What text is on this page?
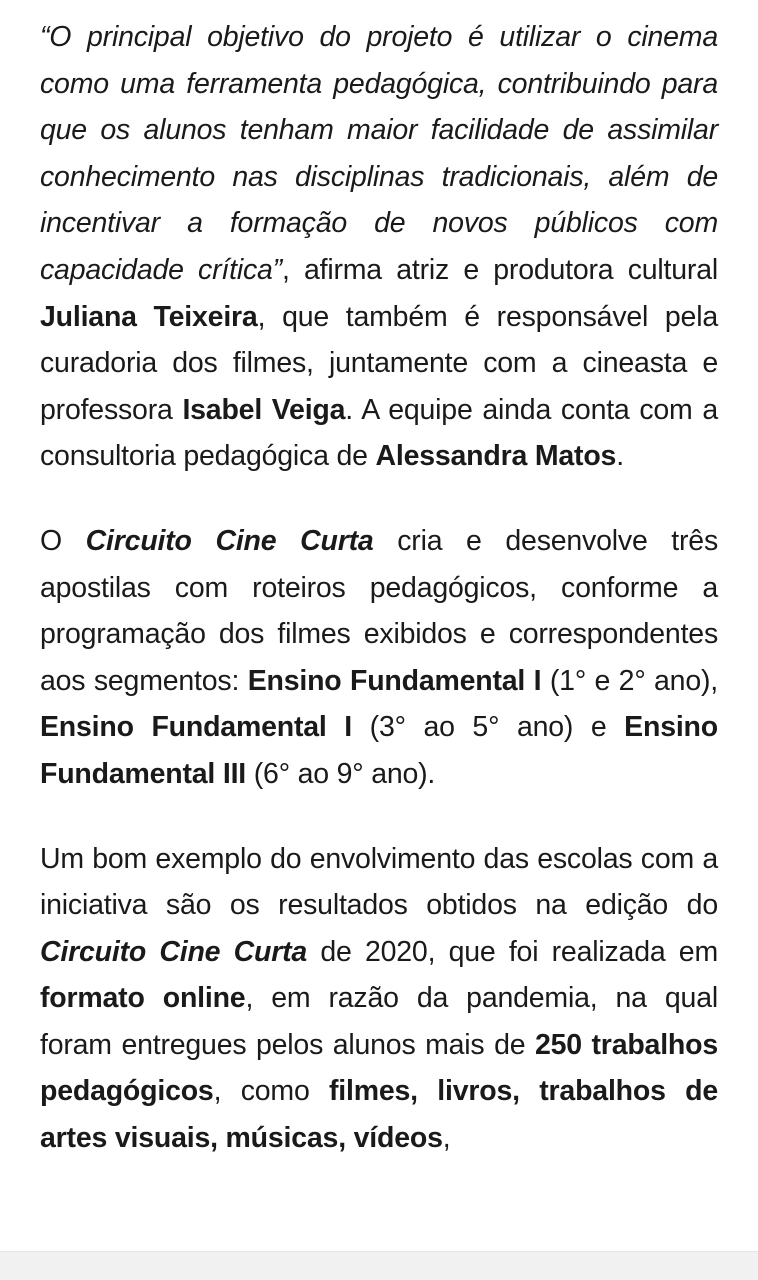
“O principal objetivo do projeto é utilizar o cinema como uma ferramenta pedagógica, contribuindo para que os alunos tenham maior facilidade de assimilar conhecimento nas disciplinas tradicionais, além de incentivar a formação de novos públicos com capacidade crítica”, afirma atriz e produtora cultural Juliana Teixeira, que também é responsável pela curadoria dos filmes, juntamente com a cineasta e professora Isabel Veiga. A equipe ainda conta com a consultoria pedagógica de Alessandra Matos.

O Circuito Cine Curta cria e desenvolve três apostilas com roteiros pedagógicos, conforme a programação dos filmes exibidos e correspondentes aos segmentos: Ensino Fundamental I (1° e 2° ano), Ensino Fundamental I (3° ao 5° ano) e Ensino Fundamental III (6° ao 9° ano).

Um bom exemplo do envolvimento das escolas com a iniciativa são os resultados obtidos na edição do Circuito Cine Curta de 2020, que foi realizada em formato online, em razão da pandemia, na qual foram entregues pelos alunos mais de 250 trabalhos pedagógicos, como filmes, livros, trabalhos de artes visuais, músicas, vídeos,
